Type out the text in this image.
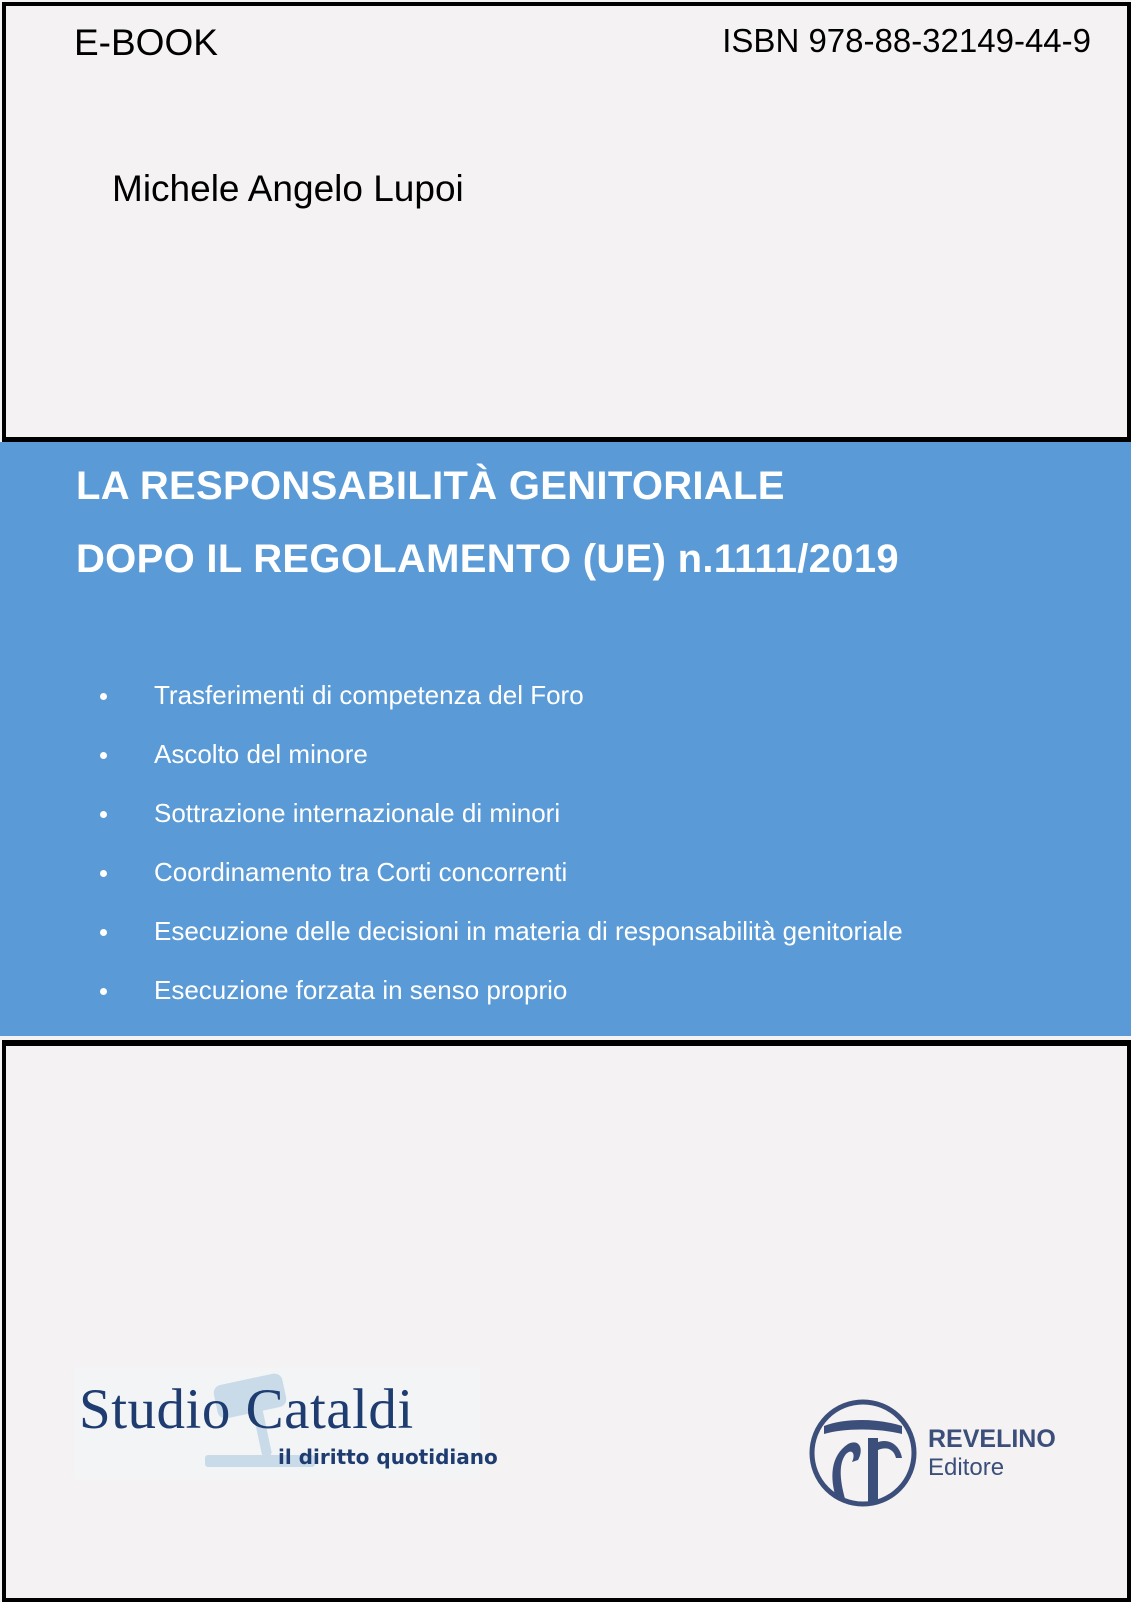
E-BOOK	ISBN 978-88-32149-44-9
Michele Angelo Lupoi
LA RESPONSABILITÀ GENITORIALE
DOPO IL REGOLAMENTO (UE) n.1111/2019
Trasferimenti di competenza del Foro
Ascolto del minore
Sottrazione internazionale di minori
Coordinamento tra Corti concorrenti
Esecuzione delle decisioni in materia di responsabilità genitoriale
Esecuzione forzata in senso proprio
Studio Cataldi
il diritto quotidiano
REVELINO
Editore
